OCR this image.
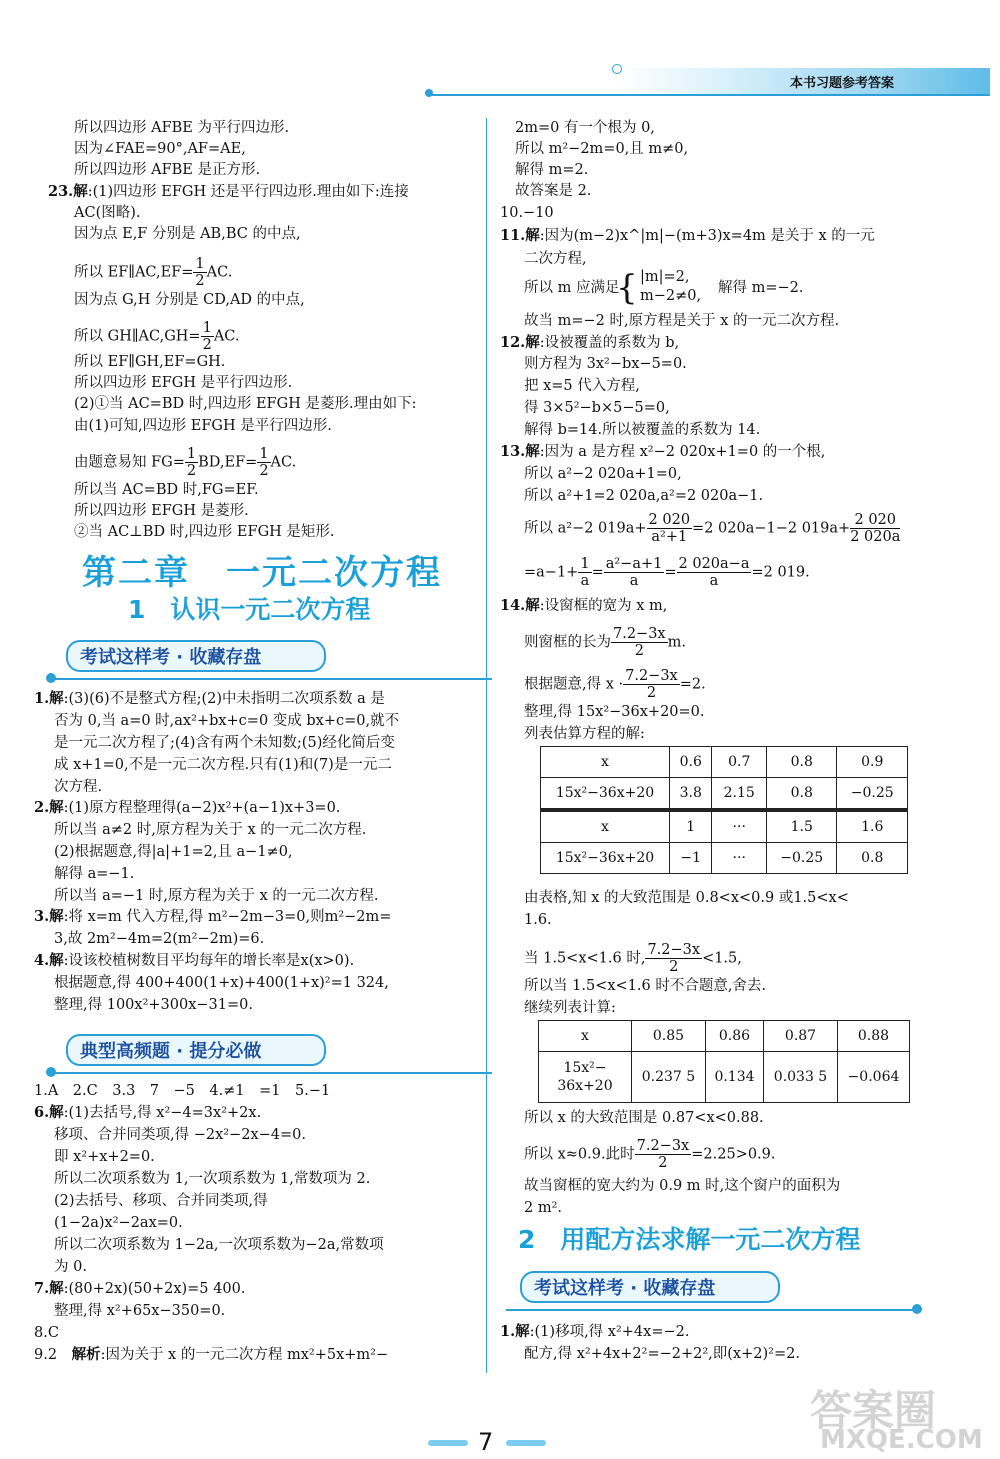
本书习题参考答案
所以四边形 AFBE 为平行四边形.
因为∠FAE=90°,AF=AE,
所以四边形 AFBE 是正方形.
23.解:(1)四边形 EFGH 还是平行四边形.理由如下:连接
AC(图略).
因为点 E,F 分别是 AB,BC 的中点,
所以 EF∥AC,EF= $\frac{1}{2}$ AC.
因为点 G,H 分别是 CD,AD 的中点,
所以 GH∥AC,GH= $\frac{1}{2}$ AC.
所以 EF∥GH,EF=GH.
所以四边形 EFGH 是平行四边形.
(2)①当 AC=BD 时,四边形 EFGH 是菱形.理由如下:
由(1)可知,四边形 EFGH 是平行四边形.
由题意易知 $FG= \frac{1}{2} BD,EF= \frac{1}{2}$ AC.
所以当 AC=BD 时,FG=EF.
所以四边形 EFGH 是菱形.
②当 AC⊥BD 时,四边形 EFGH 是矩形.
第二章　一元二次方程
1　认识一元二次方程
考试这样考 · 收藏存盘
1.解:(3)(6)不是整式方程;(2)中未指明二次项系数 a 是
否为 0,当 a=0 时,ax²+bx+c=0 变成 bx+c=0,就不
是一元二次方程了;(4)含有两个未知数;(5)经化简后变
成 x+1=0,不是一元二次方程.只有(1)和(7)是一元二
次方程.
2.解:(1)原方程整理得(a−2)x²+(a−1)x+3=0.
所以当 a≠2 时,原方程为关于 x 的一元二次方程.
(2)根据题意,得|a|+1=2,且 a−1≠0,
解得 a=−1.
所以当 a=−1 时,原方程为关于 x 的一元二次方程.
3.解:将 x=m 代入方程,得 m²−2m−3=0,则m²−2m=
3,故 2m²−4m=2(m²−2m)=6.
4.解:设该校植树数目平均每年的增长率是x(x>0).
根据题意,得 400+400(1+x)+400(1+x)²=1 324,
整理,得 100x²+300x−31=0.
典型高频题 · 提分必做
1.A　2.C　3.3　7　−5　4.≠1　=1　5.−1
6.解:(1)去括号,得 x²−4=3x²+2x.
移项、合并同类项,得 −2x²−2x−4=0.
即 x²+x+2=0.
所以二次项系数为 1,一次项系数为 1,常数项为 2.
(2)去括号、移项、合并同类项,得
(1−2a)x²−2ax=0.
所以二次项系数为 1−2a,一次项系数为−2a,常数项
为 0.
7.解:(80+2x)(50+2x)=5 400.
整理,得 x²+65x−350=0.
8.C
9.2　解析:因为关于 x 的一元二次方程 mx²+5x+m²−
2m=0 有一个根为 0,
所以 m²−2m=0,且 m≠0,
解得 m=2.
故答案是 2.
10.−10
11.解:因为(m−2)x^|m|−(m+3)x=4m 是关于 x 的一元
二次方程,
所以 m 应满足
{ |m|=2,
m−2≠0, 解得 m=−2.
故当 m=−2 时,原方程是关于 x 的一元二次方程.
12.解:设被覆盖的系数为 b,
则方程为 3x²−bx−5=0.
把 x=5 代入方程,
得 3×5²−b×5−5=0,
解得 b=14.所以被覆盖的系数为 14.
13.解:因为 a 是方程 x²−2 020x+1=0 的一个根,
所以 a²−2 020a+1=0,
所以 a²+1=2 020a,a²=2 020a−1.
所以 a²−2 $019a+ \frac{2 020}{\text{a²+1}} =2$ 020a−1−2 $019a+ \frac{2 020}{2 020a}$
$=a-1+ \frac{1}{a} = \frac{\text{a²−a+1}}{a} = \frac{2 020a-a}{a} =2$ 019.
14.解:设窗框的宽为 x m,
则窗框的长为 $\frac{7.2-3x}{2} m$.
根据题意,得 $x \cdot \frac{7.2-3x}{2} =2$.
整理,得 15x²−36x+20=0.
列表估算方程的解:
x	0.6	0.7	0.8	0.9
15x²−36x+20	3.8	2.15	0.8	−0.25
x	1	···	1.5	1.6
15x²−36x+20	−1	···	−0.25	0.8
由表格,知 x 的大致范围是 0.8<x<0.9 或1.5<x<
1.6.
当 1.5<x<1.6 时, $\frac{7.2-3x}{2} <1.5$,
所以当 1.5<x<1.6 时不合题意,舍去.
继续列表计算:
x	0.85	0.86	0.87	0.88
15x²−
36x+20	0.237 5	0.134	0.033 5	−0.064
所以 x 的大致范围是 0.87<x<0.88.
所以 x≈0.9.此时 $\frac{7.2-3x}{2} =2.25>0.9$.
故当窗框的宽大约为 0.9 m 时,这个窗户的面积为
2 m².
2　用配方法求解一元二次方程
考试这样考 · 收藏存盘
1.解:(1)移项,得 x²+4x=−2.
配方,得 x²+4x+2²=−2+2²,即(x+2)²=2.
7
答案圈
MXQE.COM
